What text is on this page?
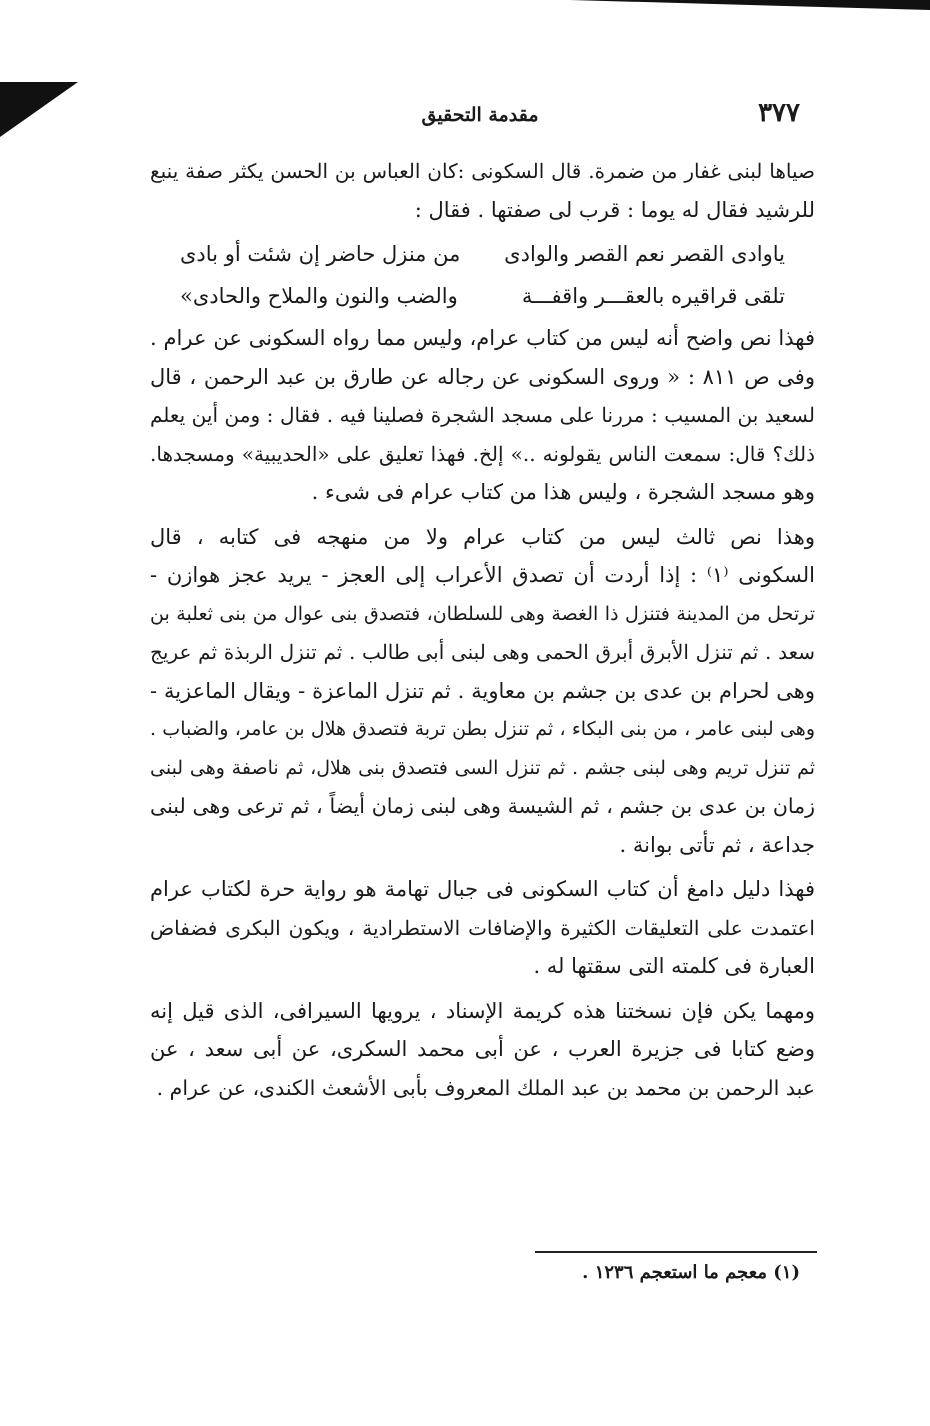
٣٧٧
مقدمة التحقيق
صياها لبنى غفار من ضمرة. قال السكونى :كان العباس بن الحسن يكثر صفة ينبع
للرشيد فقال له يوما : قرب لى صفتها . فقال :
ياوادى القصر نعم القصر والوادى
من منزل حاضر إن شئت أو بادى
تلقى قراقيره بالعقـــر واقفـــة
والضب والنون والملاح والحادى»
فهذا نص واضح أنه ليس من كتاب عرام، وليس مما رواه السكونى عن عرام .
وفى ص ٨١١ : « وروى السكونى عن رجاله عن طارق بن عبد الرحمن ، قال
لسعيد بن المسيب : مررنا على مسجد الشجرة فصلينا فيه . فقال : ومن أين يعلم
ذلك؟ قال: سمعت الناس يقولونه ..» إلخ. فهذا تعليق على «الحديبية» ومسجدها.
وهو مسجد الشجرة ، وليس هذا من كتاب عرام فى شىء .
وهذا نص ثالث ليس من كتاب عرام ولا من منهجه فى كتابه ، قال
السكونى ⁽١⁾ : إذا أردت أن تصدق الأعراب إلى العجز - يريد عجز هوازن -
ترتحل من المدينة فتنزل ذا الغصة وهى للسلطان، فتصدق بنى عوال من بنى ثعلبة بن
سعد . ثم تنزل الأبرق أبرق الحمى وهى لبنى أبى طالب . ثم تنزل الربذة ثم عريج
وهى لحرام بن عدى بن جشم بن معاوية . ثم تنزل الماعزة - ويقال الماعزية -
وهى لبنى عامر ، من بنى البكاء ، ثم تنزل بطن تربة فتصدق هلال بن عامر، والضباب .
ثم تنزل تريم وهى لبنى جشم . ثم تنزل السى فتصدق بنى هلال، ثم ناصفة وهى لبنى
زمان بن عدى بن جشم ، ثم الشيسة وهى لبنى زمان أيضاً ، ثم ترعى وهى لبنى
جداعة ، ثم تأتى بوانة .
فهذا دليل دامغ أن كتاب السكونى فى جبال تهامة هو رواية حرة لكتاب عرام
اعتمدت على التعليقات الكثيرة والإضافات الاستطرادية ، ويكون البكرى فضفاض
العبارة فى كلمته التى سقتها له .
ومهما يكن فإن نسختنا هذه كريمة الإسناد ، يرويها السيرافى، الذى قيل إنه
وضع كتابا فى جزيرة العرب ، عن أبى محمد السكرى، عن أبى سعد ، عن
عبد الرحمن بن محمد بن عبد الملك المعروف بأبى الأشعث الكندى، عن عرام .
(١) معجم ما استعجم ١٢٣٦ .
